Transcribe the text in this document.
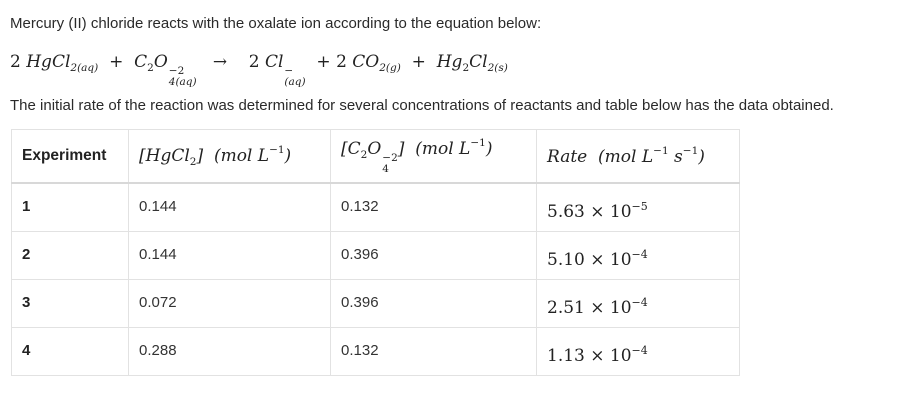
Mercury (II) chloride reacts with the oxalate ion according to the equation below:
2 HgCl$_{2(aq)}$ + $C_2O -2$
4(aq)
→ 2 Cl −
(aq)
+ 2 $CO_{2(g)} + Hg_2Cl_{2(s)}$
The initial rate of the reaction was determined for several concentrations of reactants and table below has the data obtained.
Experiment	[HgCl$_2$] (mol $L^{-1}$)	[$C_2O -2$
4
] (mol $L^{-1}$)	Rate (mol $L^{-1}$ $s^{-1}$)
1	0.144	0.132	$5.63 \times 10^{-5}$
2	0.144	0.396	$5.10 \times 10^{-4}$
3	0.072	0.396	$2.51 \times 10^{-4}$
4	0.288	0.132	$1.13 \times 10^{-4}$
